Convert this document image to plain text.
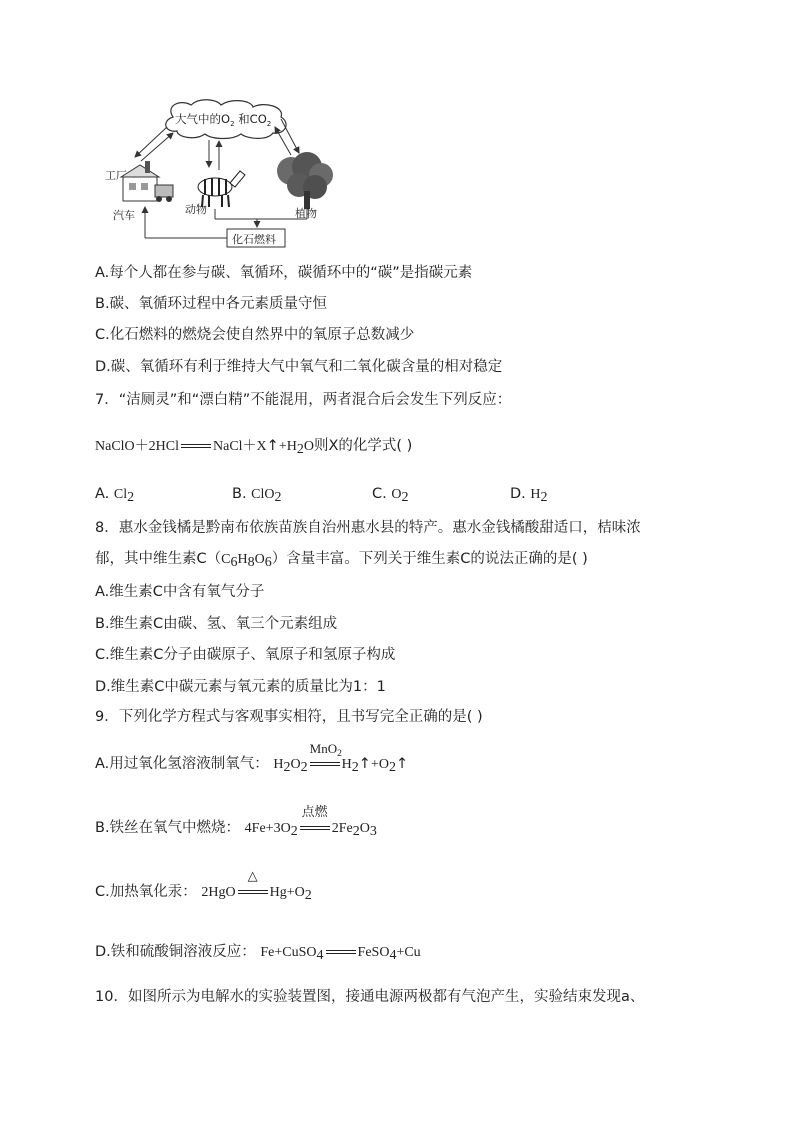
大气中的$O_2$ 和$CO_2$
工厂
汽车	动物	植物
化石燃料
A.每个人都在参与碳、氧循环，碳循环中的“碳”是指碳元素
B.碳、氧循环过程中各元素质量守恒
C.化石燃料的燃烧会使自然界中的氧原子总数减少
D.碳、氧循环有利于维持大气中氧气和二氧化碳含量的相对稳定
7．“洁厕灵”和“漂白精”不能混用，两者混合后会发生下列反应：
NaClO＋2HCl $NaCl+X↑+H_2O$则X的化学式( )
A. $Cl_2$	B. ClO$_2$	C. $O_2$	D. $H_2$
8．惠水金钱橘是黔南布依族苗族自治州惠水县的特产。惠水金钱橘酸甜适口，桔味浓
郁，其中维生素$C(C_6H_8O_6)$含量丰富。下列关于维生素C的说法正确的是( )
A.维生素C中含有氧气分子
B.维生素C由碳、氢、氧三个元素组成
C.维生素C分子由碳原子、氧原子和氢原子构成
D.维生素C中碳元素与氧元素的质量比为1：1
9．下列化学方程式与客观事实相符，且书写完全正确的是( )
A.用过氧化氢溶液制氧气： $H_2O_2$
MnO$_2$
$H_2↑+O_2↑$
B.铁丝在氧气中燃烧： $4Fe+3O_2$
点燃
$2Fe_2O_3$
C.加热氧化汞： 2HgO
△
$Hg+O_2$
D.铁和硫酸铜溶液反应： Fe+CuSO$_4$ FeSO$_4$+Cu
10．如图所示为电解水的实验装置图，接通电源两极都有气泡产生，实验结束发现a、
